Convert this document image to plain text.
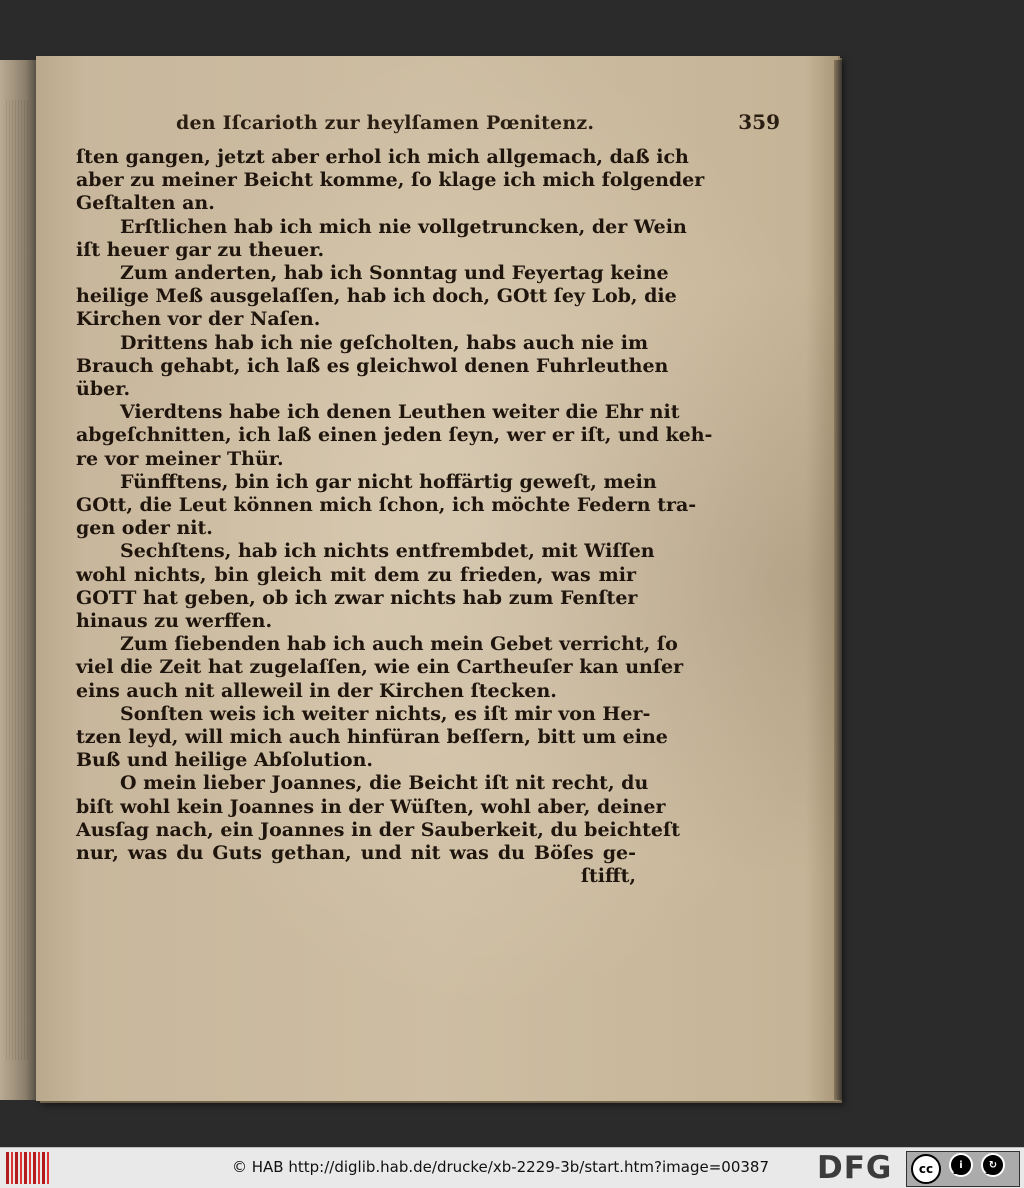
den Iſcarioth zur heylſamen Pœnitenz.	359
ſten gangen, jetzt aber erhol ich mich allgemach, daß ich
aber zu meiner Beicht komme, ſo klage ich mich folgender
Geſtalten an.
Erſtlichen hab ich mich nie vollgetruncken, der Wein
iſt heuer gar zu theuer.
Zum anderten, hab ich Sonntag und Feyertag keine
heilige Meß ausgelaſſen, hab ich doch, GOtt ſey Lob, die
Kirchen vor der Naſen.
Drittens hab ich nie geſcholten, habs auch nie im
Brauch gehabt, ich laß es gleichwol denen Fuhrleuthen
über.
Vierdtens habe ich denen Leuthen weiter die Ehr nit
abgeſchnitten, ich laß einen jeden ſeyn, wer er iſt, und keh-
re vor meiner Thür.
Fünfftens, bin ich gar nicht hoffärtig geweſt, mein
GOtt, die Leut können mich ſchon, ich möchte Federn tra-
gen oder nit.
Sechſtens, hab ich nichts entfrembdet, mit Wiſſen
wohl nichts, bin gleich mit dem zu frieden, was mir
GOTT hat geben, ob ich zwar nichts hab zum Fenſter
hinaus zu werffen.
Zum ſiebenden hab ich auch mein Gebet verricht, ſo
viel die Zeit hat zugelaſſen, wie ein Cartheuſer kan unſer
eins auch nit alleweil in der Kirchen ſtecken.
Sonſten weis ich weiter nichts, es iſt mir von Her-
tzen leyd, will mich auch hinfüran beſſern, bitt um eine
Buß und heilige Abſolution.
O mein lieber Joannes, die Beicht iſt nit recht, du
biſt wohl kein Joannes in der Wüſten, wohl aber, deiner
Ausſag nach, ein Joannes in der Sauberkeit, du beichteſt
nur, was du Guts gethan, und nit was du Böſes ge-
ſtifft,
© HAB http://diglib.hab.de/drucke/xb-2229-3b/start.htm?image=00387 DFG	cc	i
BY
↻
SA
